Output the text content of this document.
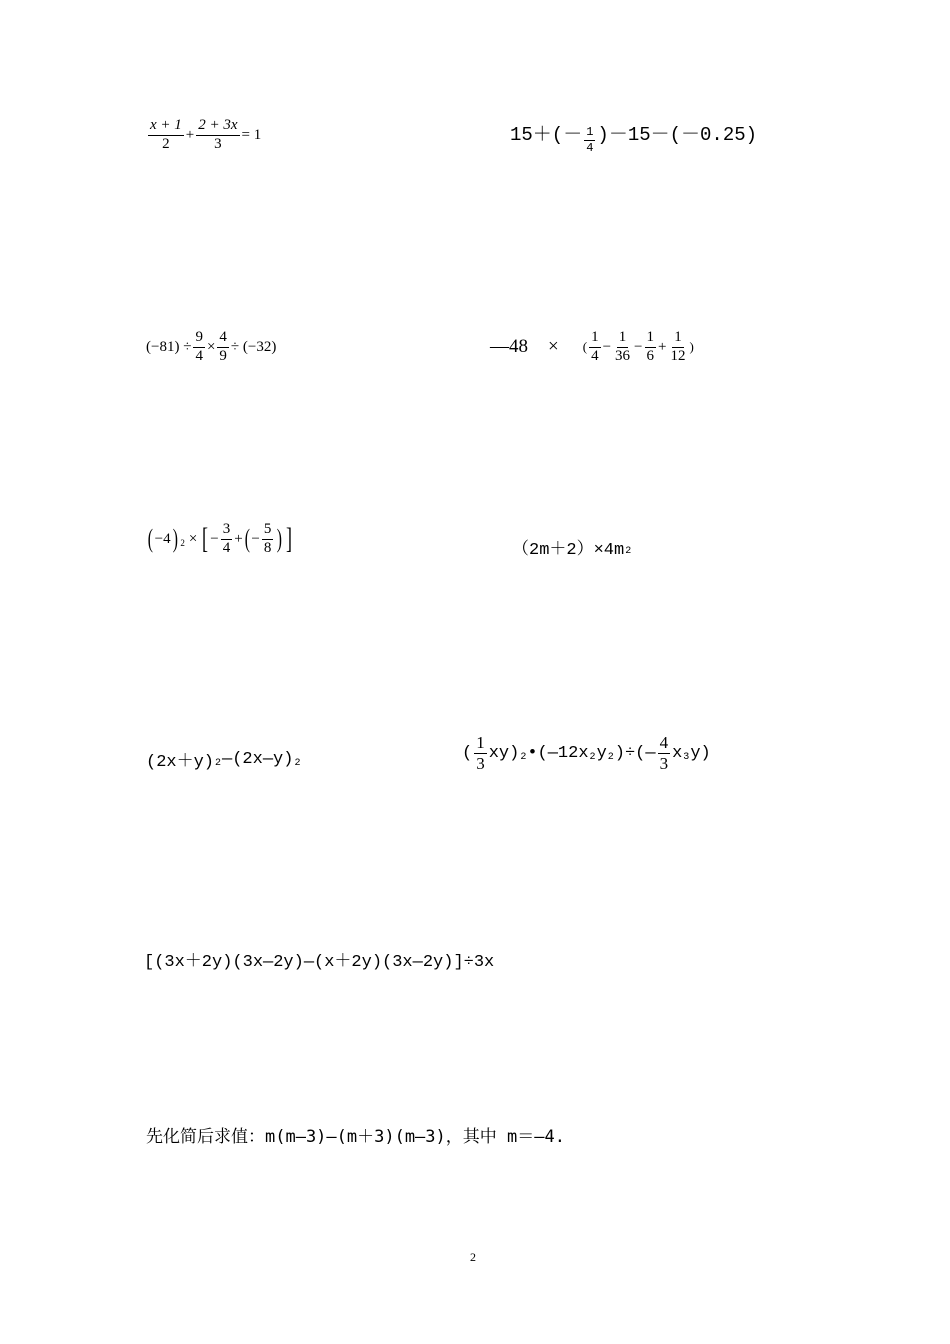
$\frac{x + 1}{2} + \frac{2 + 3x}{3} = 1$	$15+(- \frac{1}{4} )-15-(-0.25)$
$(-81) \div \frac{9}{4} \times \frac{4}{9} \div (-32)$	—48 × ( $\frac{1}{4} - \frac{1}{36} - \frac{1}{6} + \frac{1}{12}$ )
( −4 ) 2 × [ − $\frac{3}{4}$ + ( − $\frac{5}{8}$ ) ]	（2m＋2）×4m 2
(2x＋y) 2 —(2x—y) 2
( $\frac{1}{3} xy$) 2 •(—12x 2 y 2 )÷(— $\frac{4}{3}$ x 3 y)
[(3x＋2y)(3x—2y)—(x＋2y)(3x—2y)]÷3x
先化简后求值：m(m—3)—(m＋3)(m—3)，其中 m＝—4.
2
